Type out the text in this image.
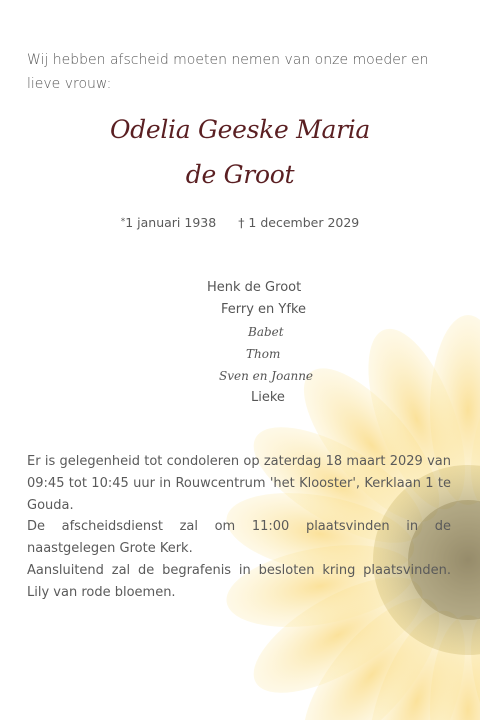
Wij hebben afscheid moeten nemen van onze moeder en lieve vrouw:
Odelia Geeske Maria
de Groot
*1 januari 1938 † 1 december 2029
Henk de Groot
Ferry en Yfke
Babet
Thom
Sven en Joanne
Lieke
Er is gelegenheid tot condoleren op zaterdag 18 maart 2029 van 09:45 tot 10:45 uur in Rouwcentrum 'het Klooster', Kerklaan 1 te Gouda.
De afscheidsdienst zal om 11:00 plaatsvinden in de naastgelegen Grote Kerk.
Aansluitend zal de begrafenis in besloten kring plaatsvinden. Lily van rode bloemen.
